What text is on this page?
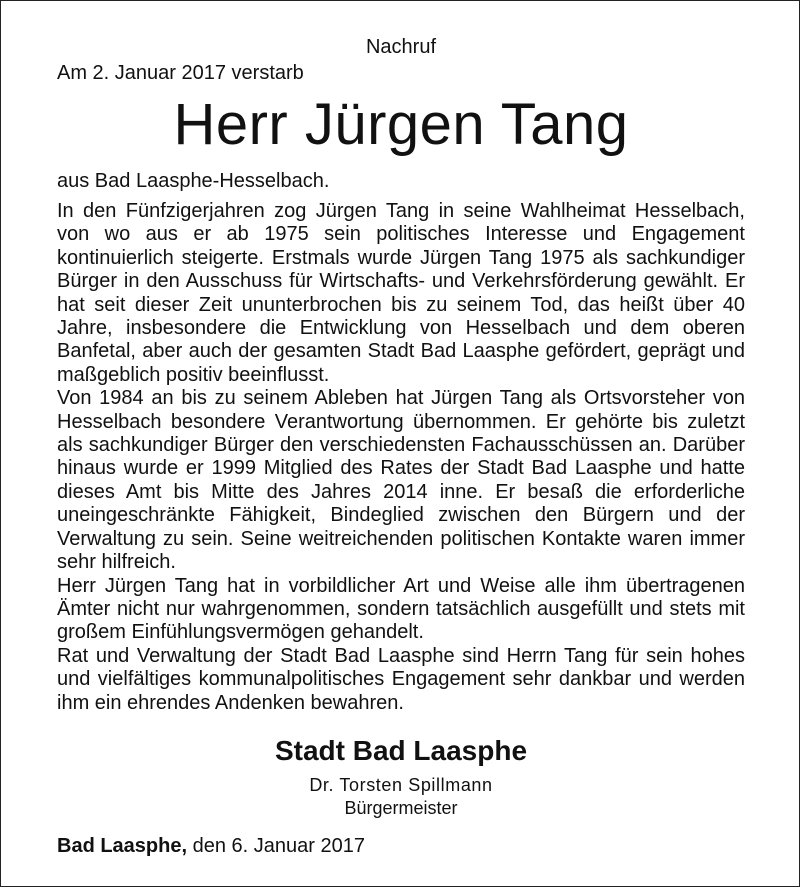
Nachruf
Am 2. Januar 2017 verstarb
Herr Jürgen Tang
aus Bad Laasphe-Hesselbach.

In den Fünfzigerjahren zog Jürgen Tang in seine Wahlheimat Hesselbach, von wo aus er ab 1975 sein politisches Interesse und Engagement kontinuierlich steigerte. Erstmals wurde Jürgen Tang 1975 als sachkundiger Bürger in den Ausschuss für Wirtschafts- und Verkehrsförderung gewählt. Er hat seit dieser Zeit ununterbrochen bis zu seinem Tod, das heißt über 40 Jahre, insbesondere die Entwicklung von Hesselbach und dem oberen Banfetal, aber auch der gesamten Stadt Bad Laasphe gefördert, geprägt und maßgeblich positiv beeinflusst.

Von 1984 an bis zu seinem Ableben hat Jürgen Tang als Ortsvorsteher von Hesselbach besondere Verantwortung übernommen. Er gehörte bis zuletzt als sachkundiger Bürger den verschiedensten Fachausschüssen an. Darüber hinaus wurde er 1999 Mitglied des Rates der Stadt Bad Laasphe und hatte dieses Amt bis Mitte des Jahres 2014 inne. Er besaß die erforderliche uneingeschränkte Fähigkeit, Bindeglied zwischen den Bürgern und der Verwaltung zu sein. Seine weitreichenden politischen Kontakte waren immer sehr hilfreich.

Herr Jürgen Tang hat in vorbildlicher Art und Weise alle ihm übertragenen Ämter nicht nur wahrgenommen, sondern tatsächlich ausgefüllt und stets mit großem Einfühlungsvermögen gehandelt.

Rat und Verwaltung der Stadt Bad Laasphe sind Herrn Tang für sein hohes und vielfältiges kommunalpolitisches Engagement sehr dankbar und werden ihm ein ehrendes Andenken bewahren.

Stadt Bad Laasphe
Dr. Torsten Spillmann
Bürgermeister
Bad Laasphe, den 6. Januar 2017
